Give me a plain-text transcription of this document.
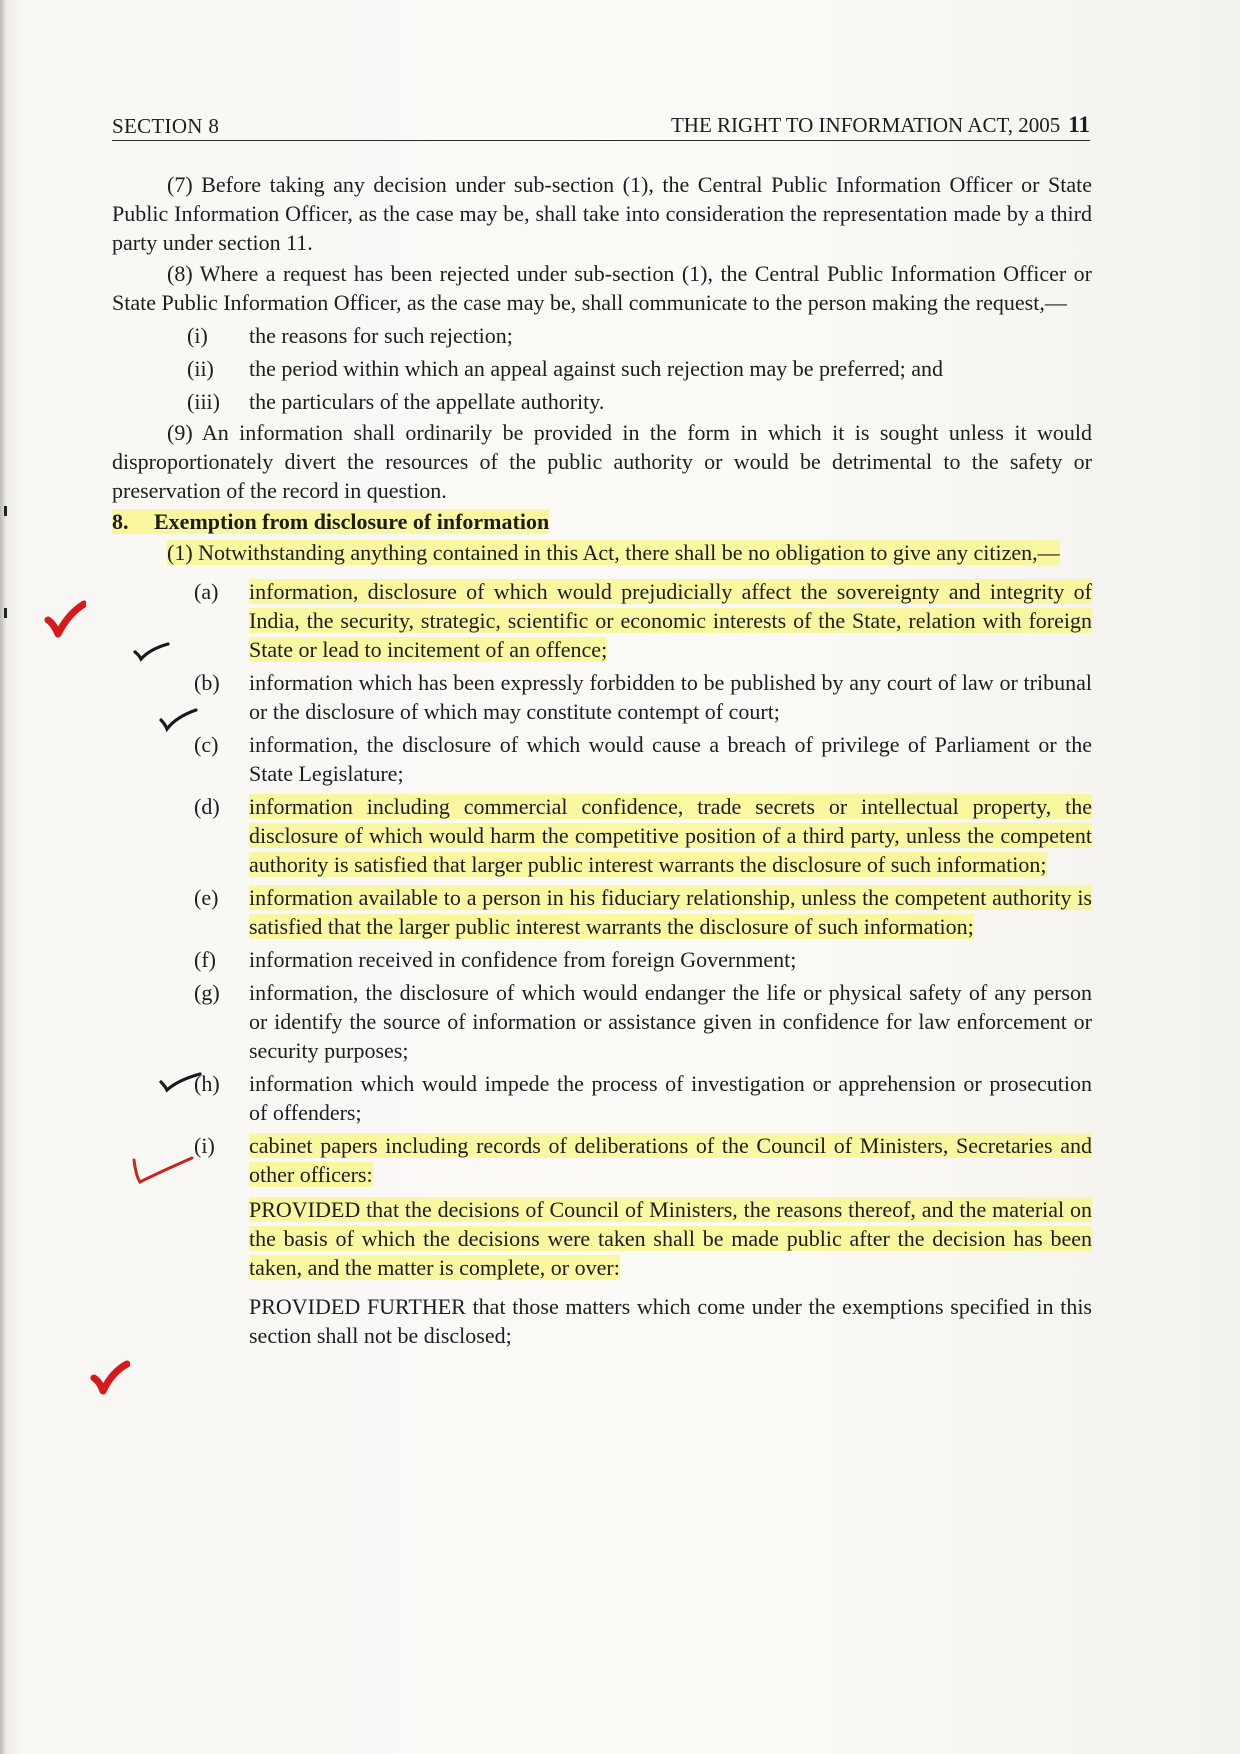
SECTION 8	THE RIGHT TO INFORMATION ACT, 2005 11

(7) Before taking any decision under sub-section (1), the Central Public Information Officer or State Public Information Officer, as the case may be, shall take into consideration the representation made by a third party under section 11.

(8) Where a request has been rejected under sub-section (1), the Central Public Information Officer or State Public Information Officer, as the case may be, shall communicate to the person making the request,—

(i)	the reasons for such rejection;
(ii)	the period within which an appeal against such rejection may be preferred; and
(iii)	the particulars of the appellate authority.

(9) An information shall ordinarily be provided in the form in which it is sought unless it would disproportionately divert the resources of the public authority or would be detrimental to the safety or preservation of the record in question.

8. Exemption from disclosure of information

(1) Notwithstanding anything contained in this Act, there shall be no obligation to give any citizen,—

(a)	information, disclosure of which would prejudicially affect the sovereignty and integrity of India, the security, strategic, scientific or economic interests of the State, relation with foreign State or lead to incitement of an offence;
(b)	information which has been expressly forbidden to be published by any court of law or tribunal or the disclosure of which may constitute contempt of court;
(c)	information, the disclosure of which would cause a breach of privilege of Parliament or the State Legislature;
(d)	information including commercial confidence, trade secrets or intellectual property, the disclosure of which would harm the competitive position of a third party, unless the competent authority is satisfied that larger public interest warrants the disclosure of such information;
(e)	information available to a person in his fiduciary relationship, unless the competent authority is satisfied that the larger public interest warrants the disclosure of such information;
(f)	information received in confidence from foreign Government;
(g)	information, the disclosure of which would endanger the life or physical safety of any person or identify the source of information or assistance given in confidence for law enforcement or security purposes;
(h)	information which would impede the process of investigation or apprehension or prosecution of offenders;
(i)	cabinet papers including records of deliberations of the Council of Ministers, Secretaries and other officers:

PROVIDED that the decisions of Council of Ministers, the reasons thereof, and the material on the basis of which the decisions were taken shall be made public after the decision has been taken, and the matter is complete, or over:

PROVIDED FURTHER that those matters which come under the exemptions specified in this section shall not be disclosed;
